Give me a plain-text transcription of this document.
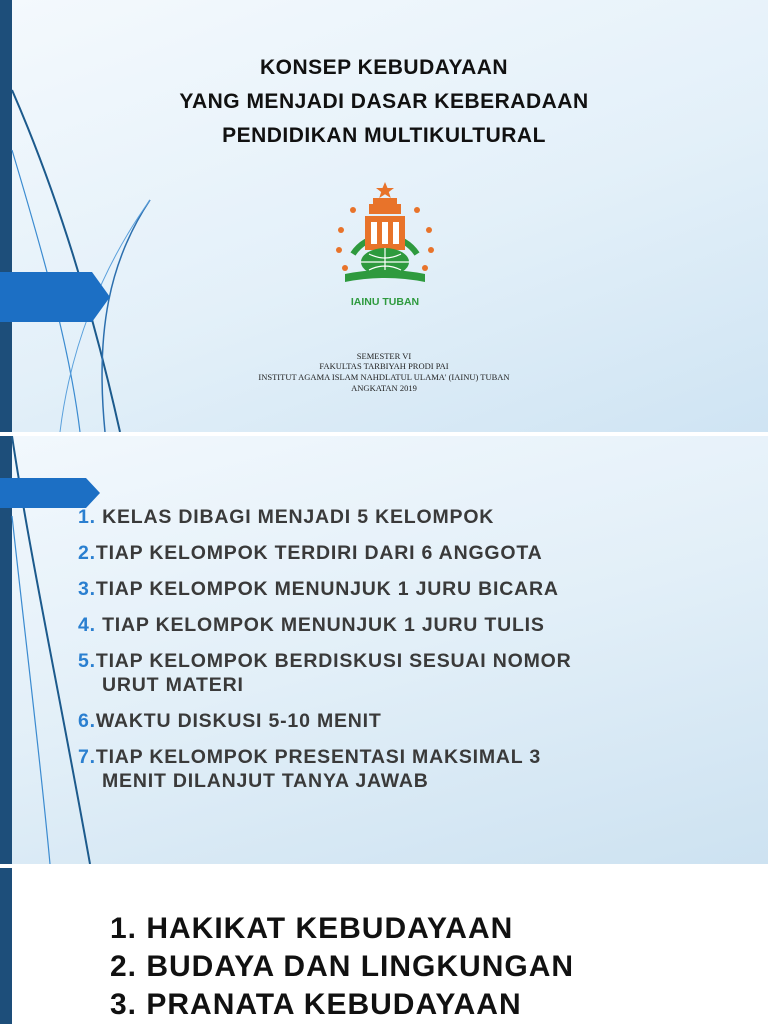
KONSEP KEBUDAYAAN
YANG MENJADI DASAR KEBERADAAN
PENDIDIKAN MULTIKULTURAL
IAINU TUBAN
SEMESTER VI
FAKULTAS TARBIYAH PRODI PAI
INSTITUT AGAMA ISLAM NAHDLATUL ULAMA' (IAINU) TUBAN
ANGKATAN 2019
1. KELAS DIBAGI MENJADI 5 KELOMPOK
2.TIAP KELOMPOK TERDIRI DARI 6 ANGGOTA
3.TIAP KELOMPOK MENUNJUK 1 JURU BICARA
4. TIAP KELOMPOK MENUNJUK 1 JURU TULIS
5.TIAP KELOMPOK BERDISKUSI SESUAI NOMOR
URUT MATERI
6.WAKTU DISKUSI 5-10 MENIT
7.TIAP KELOMPOK PRESENTASI MAKSIMAL 3
MENIT DILANJUT TANYA JAWAB
1. HAKIKAT KEBUDAYAAN
2. BUDAYA DAN LINGKUNGAN
3. PRANATA KEBUDAYAAN
